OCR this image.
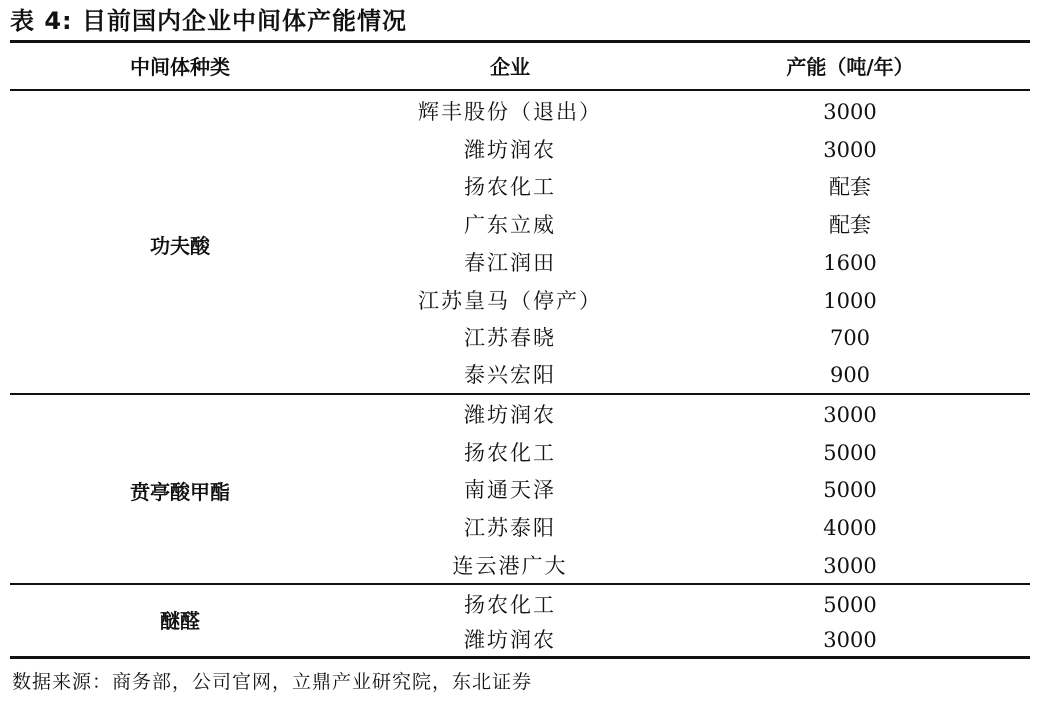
表 4: 目前国内企业中间体产能情况
中间体种类	企业	产能（吨/年）
功夫酸
辉丰股份（退出）	3000
潍坊润农	3000
扬农化工	配套
广东立威	配套
春江润田	1600
江苏皇马（停产）	1000
江苏春晓	700
泰兴宏阳	900
贲亭酸甲酯
潍坊润农	3000
扬农化工	5000
南通天泽	5000
江苏泰阳	4000
连云港广大	3000
醚醛
扬农化工	5000
潍坊润农	3000
数据来源：商务部，公司官网，立鼎产业研究院，东北证券
